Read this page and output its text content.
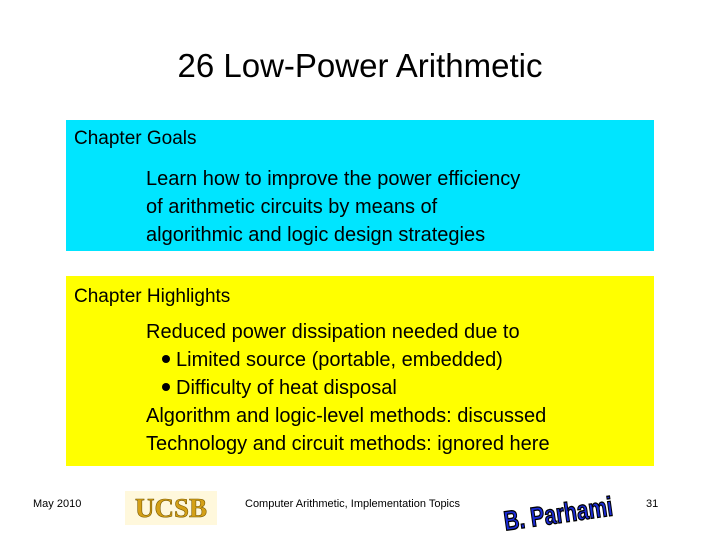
26 Low-Power Arithmetic
Chapter Goals
Learn how to improve the power efficiency
of arithmetic circuits by means of
algorithmic and logic design strategies
Chapter Highlights
Reduced power dissipation needed due to
Limited source (portable, embedded)
Difficulty of heat disposal
Algorithm and logic-level methods: discussed
Technology and circuit methods: ignored here
May 2010 UCSB	Computer Arithmetic, Implementation Topics B. Parhami	31
